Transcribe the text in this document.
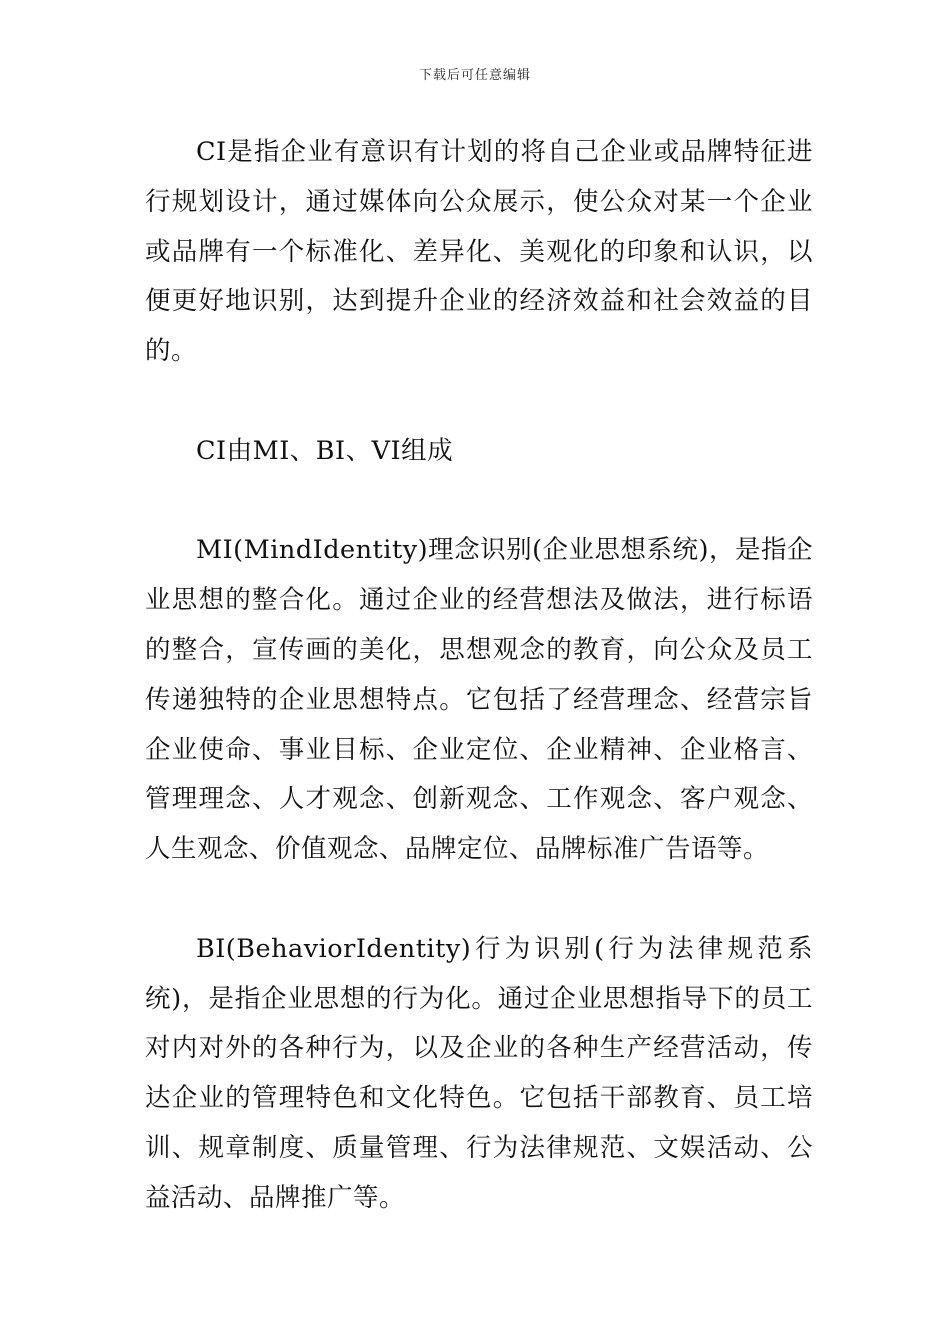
下载后可任意编辑

CI是指企业有意识有计划的将自己企业或品牌特征进行规划设计，通过媒体向公众展示，使公众对某一个企业或品牌有一个标准化、差异化、美观化的印象和认识，以便更好地识别，达到提升企业的经济效益和社会效益的目的。

CI由MI、BI、VI组成

MI(MindIdentity)理念识别(企业思想系统)，是指企业思想的整合化。通过企业的经营想法及做法，进行标语的整合，宣传画的美化，思想观念的教育，向公众及员工传递独特的企业思想特点。它包括了经营理念、经营宗旨企业使命、事业目标、企业定位、企业精神、企业格言、管理理念、人才观念、创新观念、工作观念、客户观念、人生观念、价值观念、品牌定位、品牌标准广告语等。

BI(BehaviorIdentity)行为识别(行为法律规范系统)，是指企业思想的行为化。通过企业思想指导下的员工对内对外的各种行为，以及企业的各种生产经营活动，传达企业的管理特色和文化特色。它包括干部教育、员工培训、规章制度、质量管理、行为法律规范、文娱活动、公益活动、品牌推广等。
